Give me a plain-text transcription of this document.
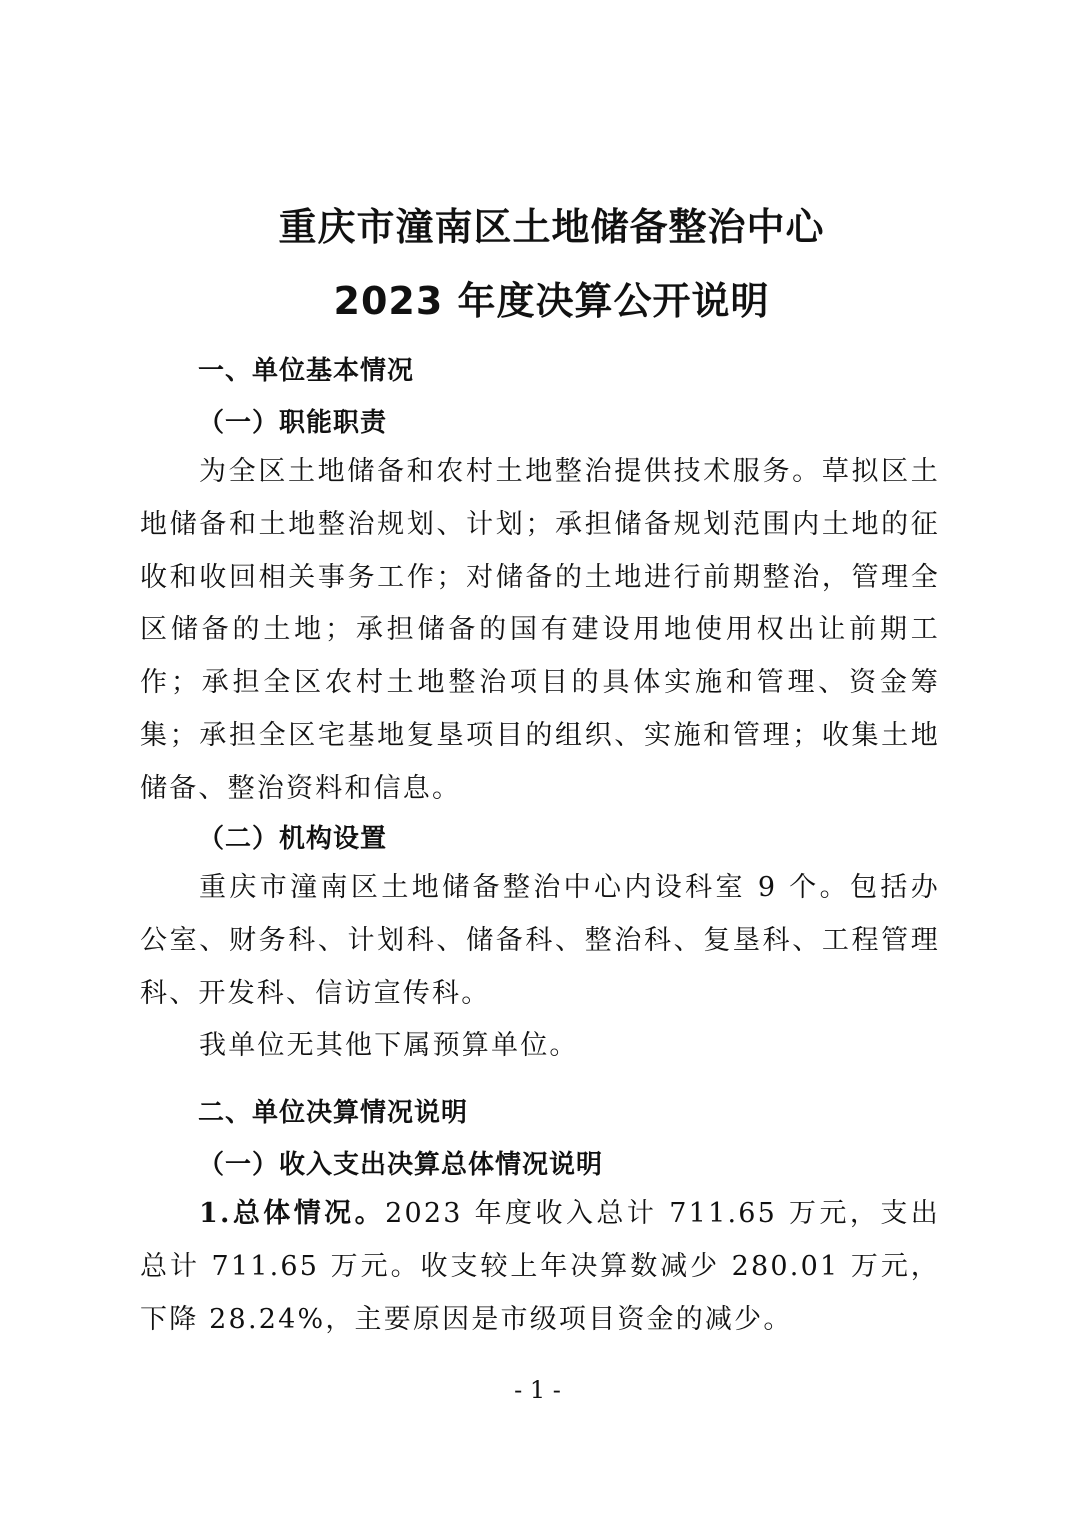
重庆市潼南区土地储备整治中心
2023 年度决算公开说明
一、单位基本情况
（一）职能职责

为全区土地储备和农村土地整治提供技术服务。草拟区土地储备和土地整治规划、计划；承担储备规划范围内土地的征收和收回相关事务工作；对储备的土地进行前期整治，管理全区储备的土地；承担储备的国有建设用地使用权出让前期工作；承担全区农村土地整治项目的具体实施和管理、资金筹集；承担全区宅基地复垦项目的组织、实施和管理；收集土地储备、整治资料和信息。

（二）机构设置

重庆市潼南区土地储备整治中心内设科室 9 个。包括办公室、财务科、计划科、储备科、整治科、复垦科、工程管理科、开发科、信访宣传科。

我单位无其他下属预算单位。

二、单位决算情况说明
（一）收入支出决算总体情况说明

1.总体情况。2023 年度收入总计 711.65 万元，支出总计 711.65 万元。收支较上年决算数减少 280.01 万元，下降 28.24%，主要原因是市级项目资金的减少。

- 1 -
